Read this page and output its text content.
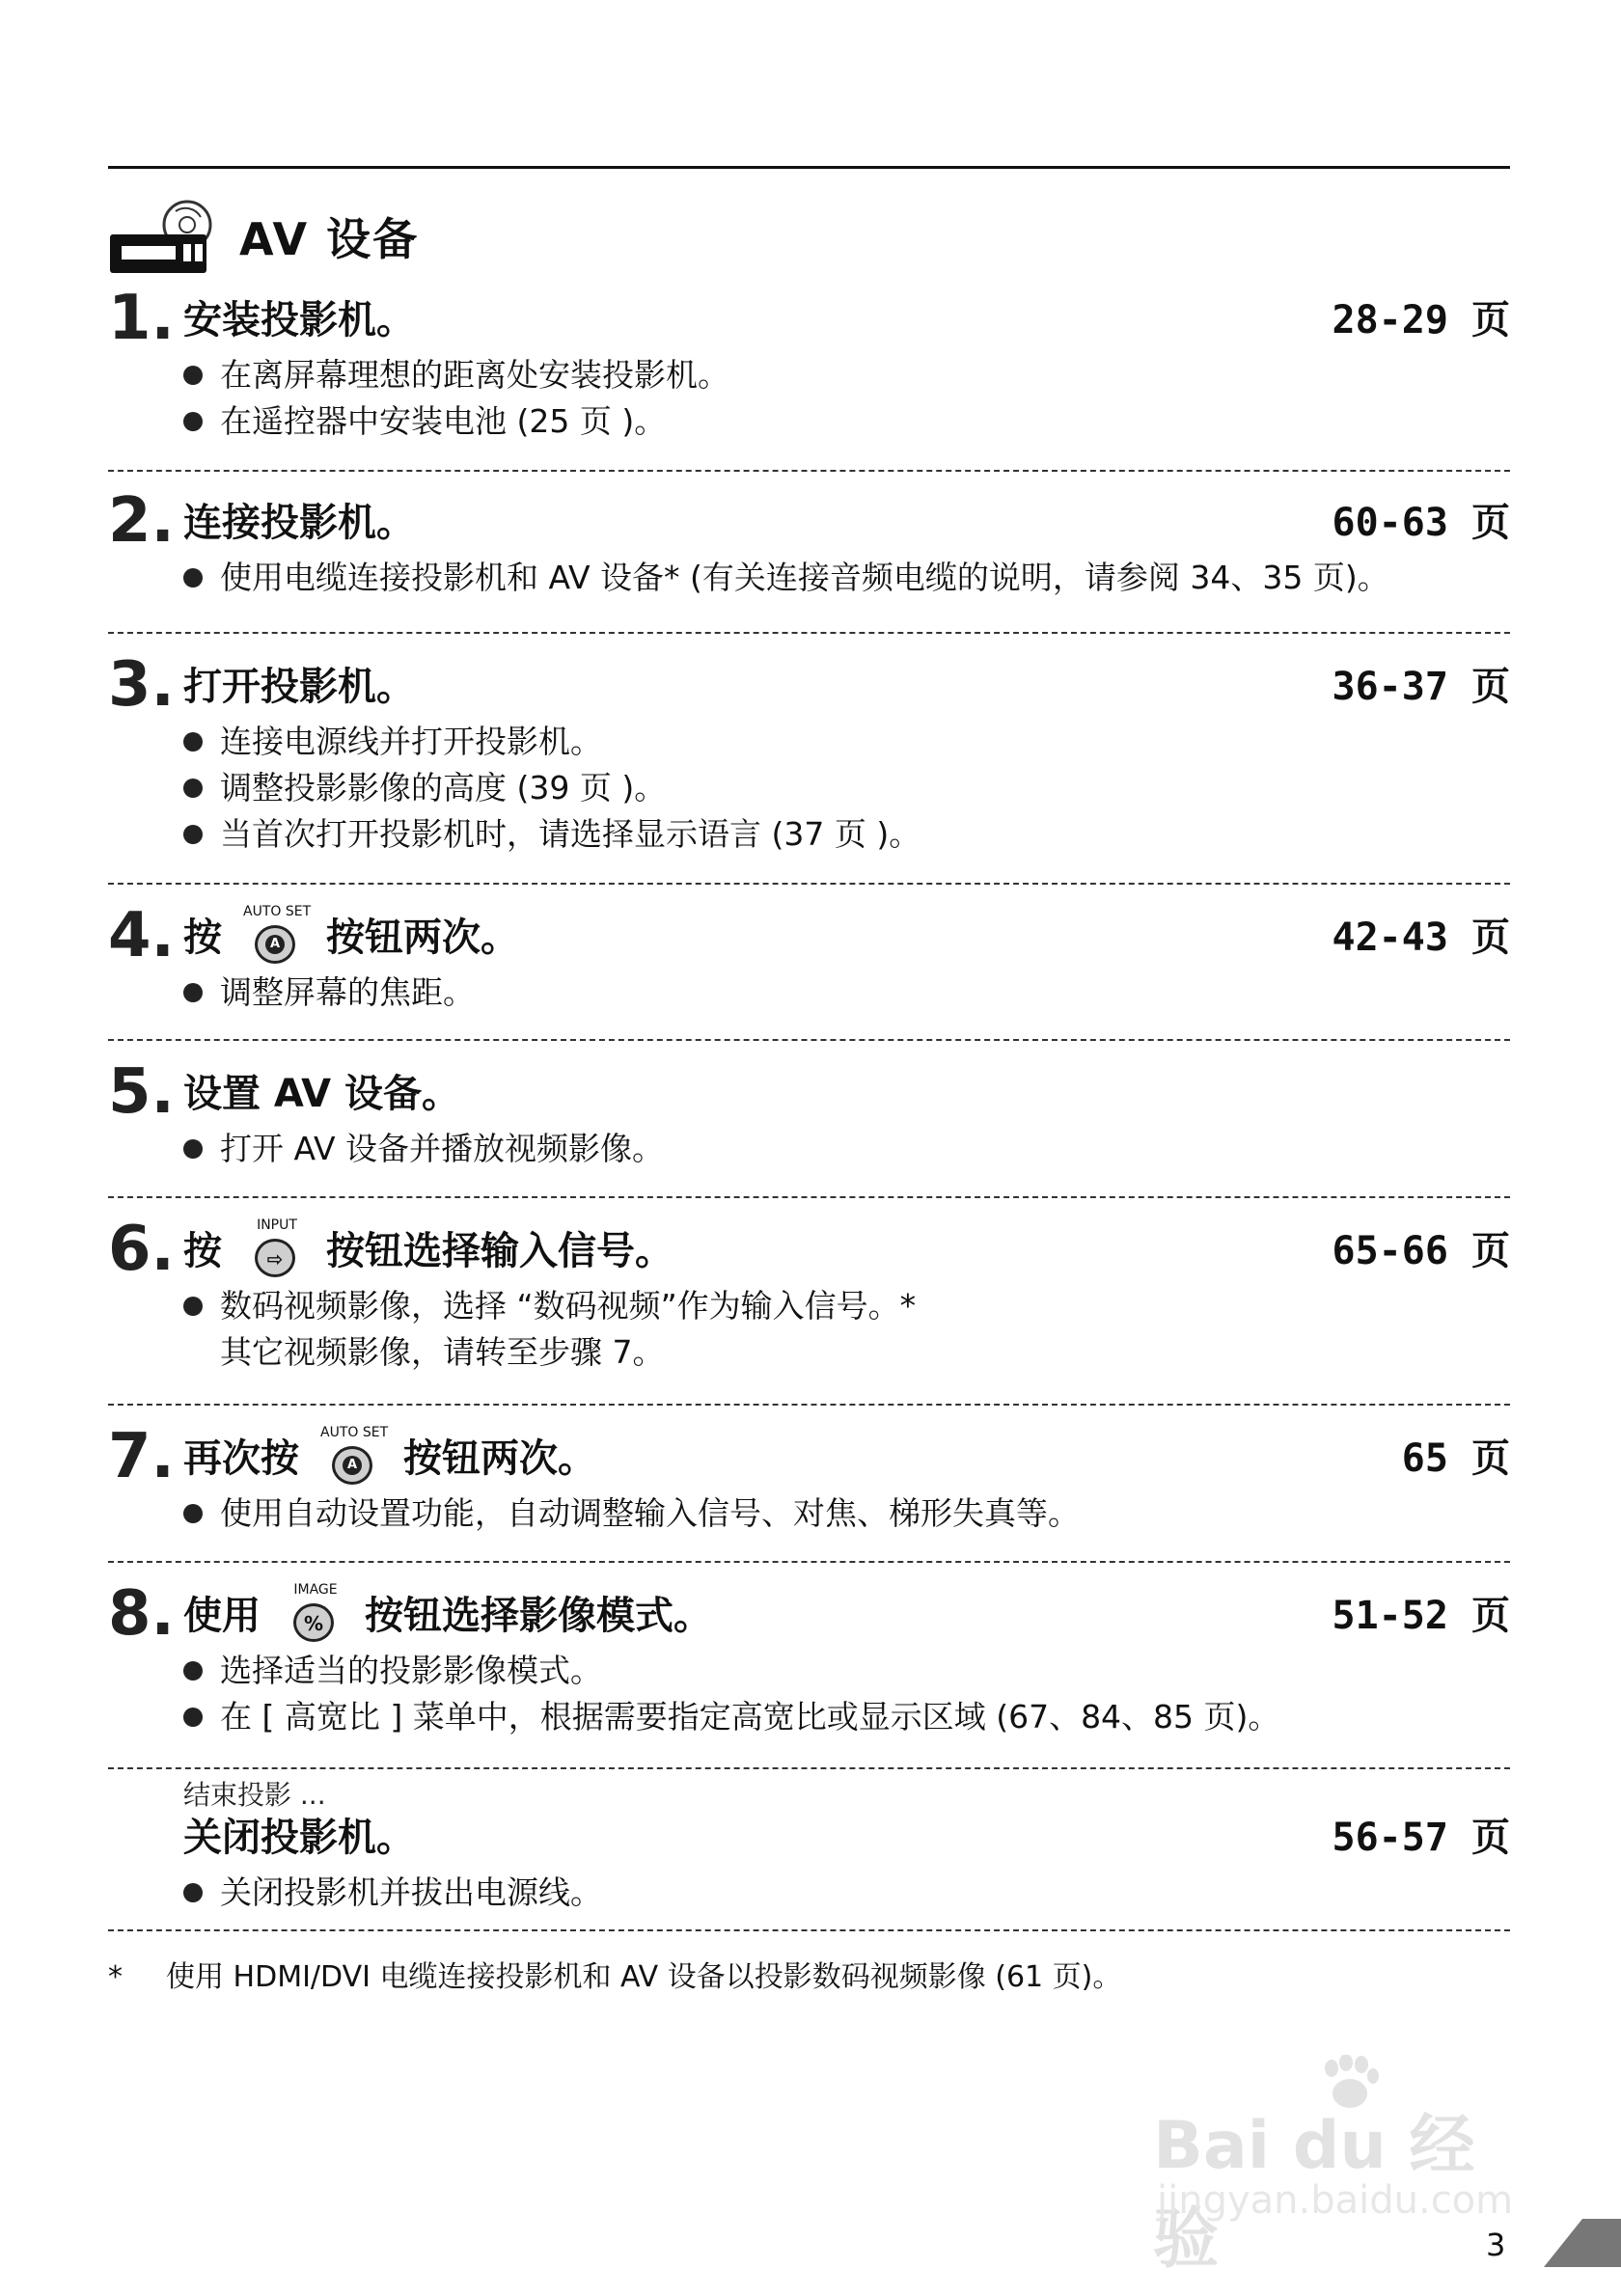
AV 设备
1. 安装投影机。	28-29 页
在离屏幕理想的距离处安装投影机。
在遥控器中安装电池 (25 页 )。
2. 连接投影机。	60-63 页
使用电缆连接投影机和 AV 设备* (有关连接音频电缆的说明，请参阅 34、35 页)。
3. 打开投影机。	36-37 页
连接电源线并打开投影机。
调整投影影像的高度 (39 页 )。
当首次打开投影机时，请选择显示语言 (37 页 )。
4. 按
AUTO SET
A 按钮两次。	42-43 页
调整屏幕的焦距。
5. 设置 AV 设备。
打开 AV 设备并播放视频影像。
6. 按
INPUT
⇨ 按钮选择输入信号。	65-66 页
数码视频影像，选择 “数码视频”作为输入信号。*
其它视频影像，请转至步骤 7。
7. 再次按
AUTO SET
A 按钮两次。	65 页
使用自动设置功能，自动调整输入信号、对焦、梯形失真等。
8. 使用
IMAGE
% 按钮选择影像模式。	51-52 页
选择适当的投影影像模式。
在 [ 高宽比 ] 菜单中，根据需要指定高宽比或显示区域 (67、84、85 页)。
结束投影 ...
关闭投影机。	56-57 页
关闭投影机并拔出电源线。
* 使用 HDMI/DVI 电缆连接投影机和 AV 设备以投影数码视频影像 (61 页)。
Bai du 经验
jingyan.baidu.com
3
